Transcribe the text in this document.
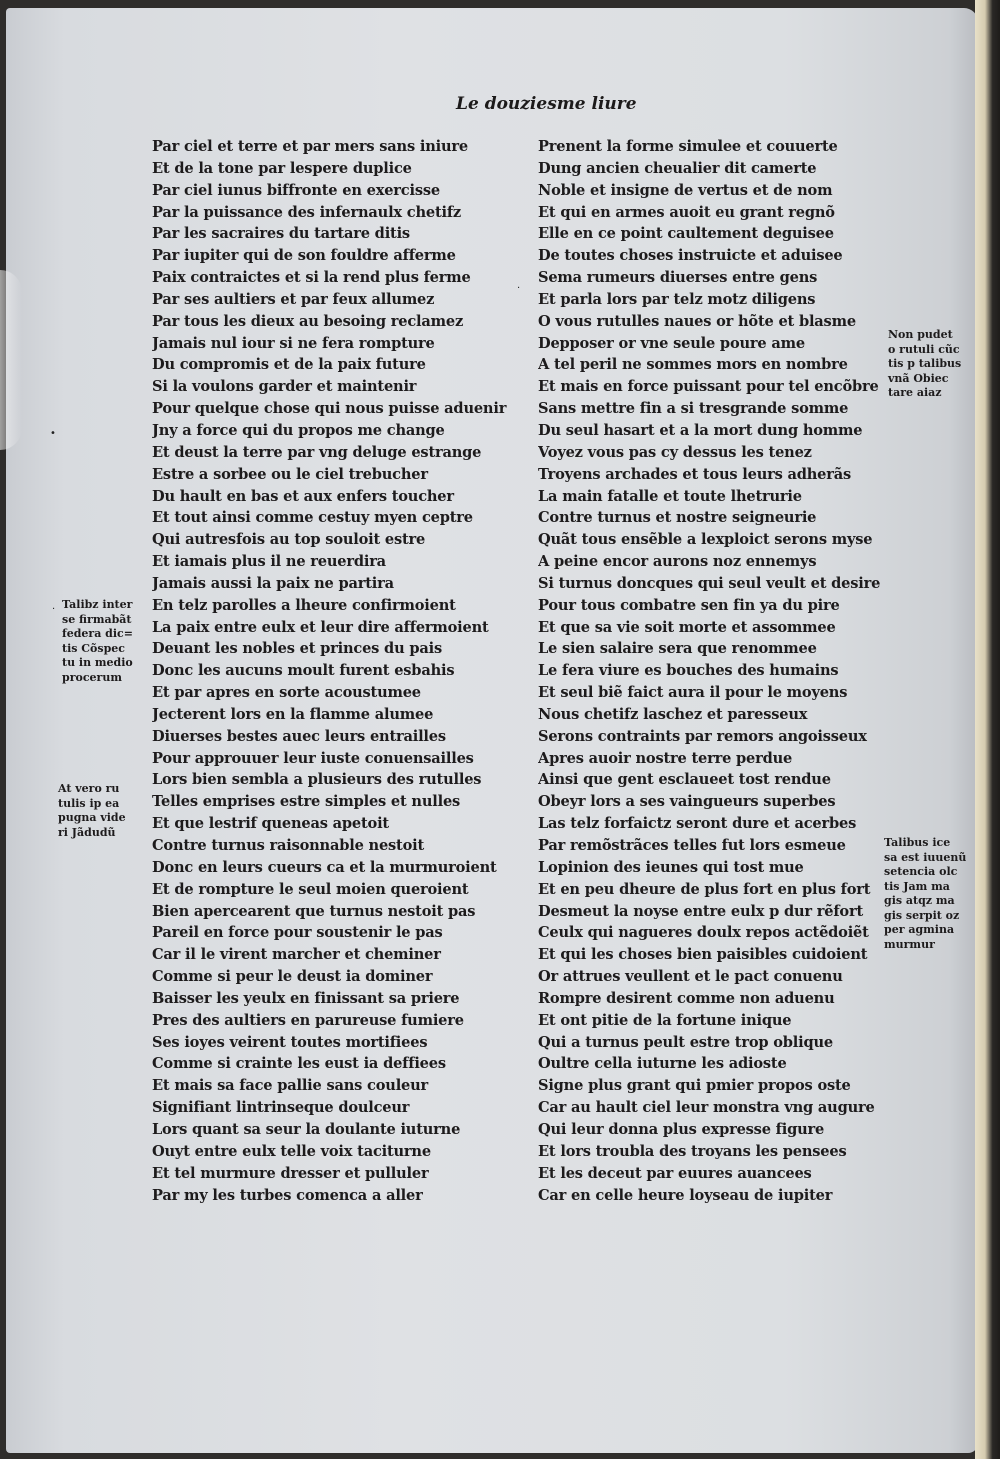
Le douziesme liure
Par ciel et terre et par mers sans iniure
Et de la tone par lespere duplice
Par ciel iunus biffronte en exercisse
Par la puissance des infernaulx chetifz
Par les sacraires du tartare ditis
Par iupiter qui de son fouldre afferme
Paix contraictes et si la rend plus ferme
Par ses aultiers et par feux allumez
Par tous les dieux au besoing reclamez
Jamais nul iour si ne fera rompture
Du compromis et de la paix future
Si la voulons garder et maintenir
Pour quelque chose qui nous puisse aduenir
Jny a force qui du propos me change
Et deust la terre par vng deluge estrange
Estre a sorbee ou le ciel trebucher
Du hault en bas et aux enfers toucher
Et tout ainsi comme cestuy myen ceptre
Qui autresfois au top souloit estre
Et iamais plus il ne reuerdira
Jamais aussi la paix ne partira
En telz parolles a lheure confirmoient
La paix entre eulx et leur dire affermoient
Deuant les nobles et princes du pais
Donc les aucuns moult furent esbahis
Et par apres en sorte acoustumee
Jecterent lors en la flamme alumee
Diuerses bestes auec leurs entrailles
Pour approuuer leur iuste conuensailles
Lors bien sembla a plusieurs des rutulles
Telles emprises estre simples et nulles
Et que lestrif queneas apetoit
Contre turnus raisonnable nestoit
Donc en leurs cueurs ca et la murmuroient
Et de rompture le seul moien queroient
Bien apercearent que turnus nestoit pas
Pareil en force pour soustenir le pas
Car il le virent marcher et cheminer
Comme si peur le deust ia dominer
Baisser les yeulx en finissant sa priere
Pres des aultiers en parureuse fumiere
Ses ioyes veirent toutes mortifiees
Comme si crainte les eust ia deffiees
Et mais sa face pallie sans couleur
Signifiant lintrinseque doulceur
Lors quant sa seur la doulante iuturne
Ouyt entre eulx telle voix taciturne
Et tel murmure dresser et pulluler
Par my les turbes comenca a aller
Prenent la forme simulee et couuerte
Dung ancien cheualier dit camerte
Noble et insigne de vertus et de nom
Et qui en armes auoit eu grant regnõ
Elle en ce point caultement deguisee
De toutes choses instruicte et aduisee
Sema rumeurs diuerses entre gens
Et parla lors par telz motz diligens
O vous rutulles naues or hõte et blasme
Depposer or vne seule poure ame
A tel peril ne sommes mors en nombre
Et mais en force puissant pour tel encõbre
Sans mettre fin a si tresgrande somme
Du seul hasart et a la mort dung homme
Voyez vous pas cy dessus les tenez
Troyens archades et tous leurs adherãs
La main fatalle et toute lhetrurie
Contre turnus et nostre seigneurie
Quãt tous ensẽble a lexploict serons myse
A peine encor aurons noz ennemys
Si turnus doncques qui seul veult et desire
Pour tous combatre sen fin ya du pire
Et que sa vie soit morte et assommee
Le sien salaire sera que renommee
Le fera viure es bouches des humains
Et seul biẽ faict aura il pour le moyens
Nous chetifz laschez et paresseux
Serons contraints par remors angoisseux
Apres auoir nostre terre perdue
Ainsi que gent esclaueet tost rendue
Obeyr lors a ses vaingueurs superbes
Las telz forfaictz seront dure et acerbes
Par remõstrãces telles fut lors esmeue
Lopinion des ieunes qui tost mue
Et en peu dheure de plus fort en plus fort
Desmeut la noyse entre eulx p dur rẽfort
Ceulx qui nagueres doulx repos actẽdoiẽt
Et qui les choses bien paisibles cuidoient
Or attrues veullent et le pact conuenu
Rompre desirent comme non aduenu
Et ont pitie de la fortune inique
Qui a turnus peult estre trop oblique
Oultre cella iuturne les adioste
Signe plus grant qui pmier propos oste
Car au hault ciel leur monstra vng augure
Qui leur donna plus expresse figure
Et lors troubla des troyans les pensees
Et les deceut par euures auancees
Car en celle heure loyseau de iupiter
Talibz inter
se firmabãt
federa dic=
tis Cõspec
tu in medio
procerum
At vero ru
tulis ip ea
pugna vide
ri Jãdudũ
Non pudet
o rutuli cũc
tis p talibus
vnã Obiec
tare aiaz
Talibus ice
sa est iuuenũ
setencia olc
tis Jam ma
gis atqz ma
gis serpit oz
per agmina
murmur
•
·
·
